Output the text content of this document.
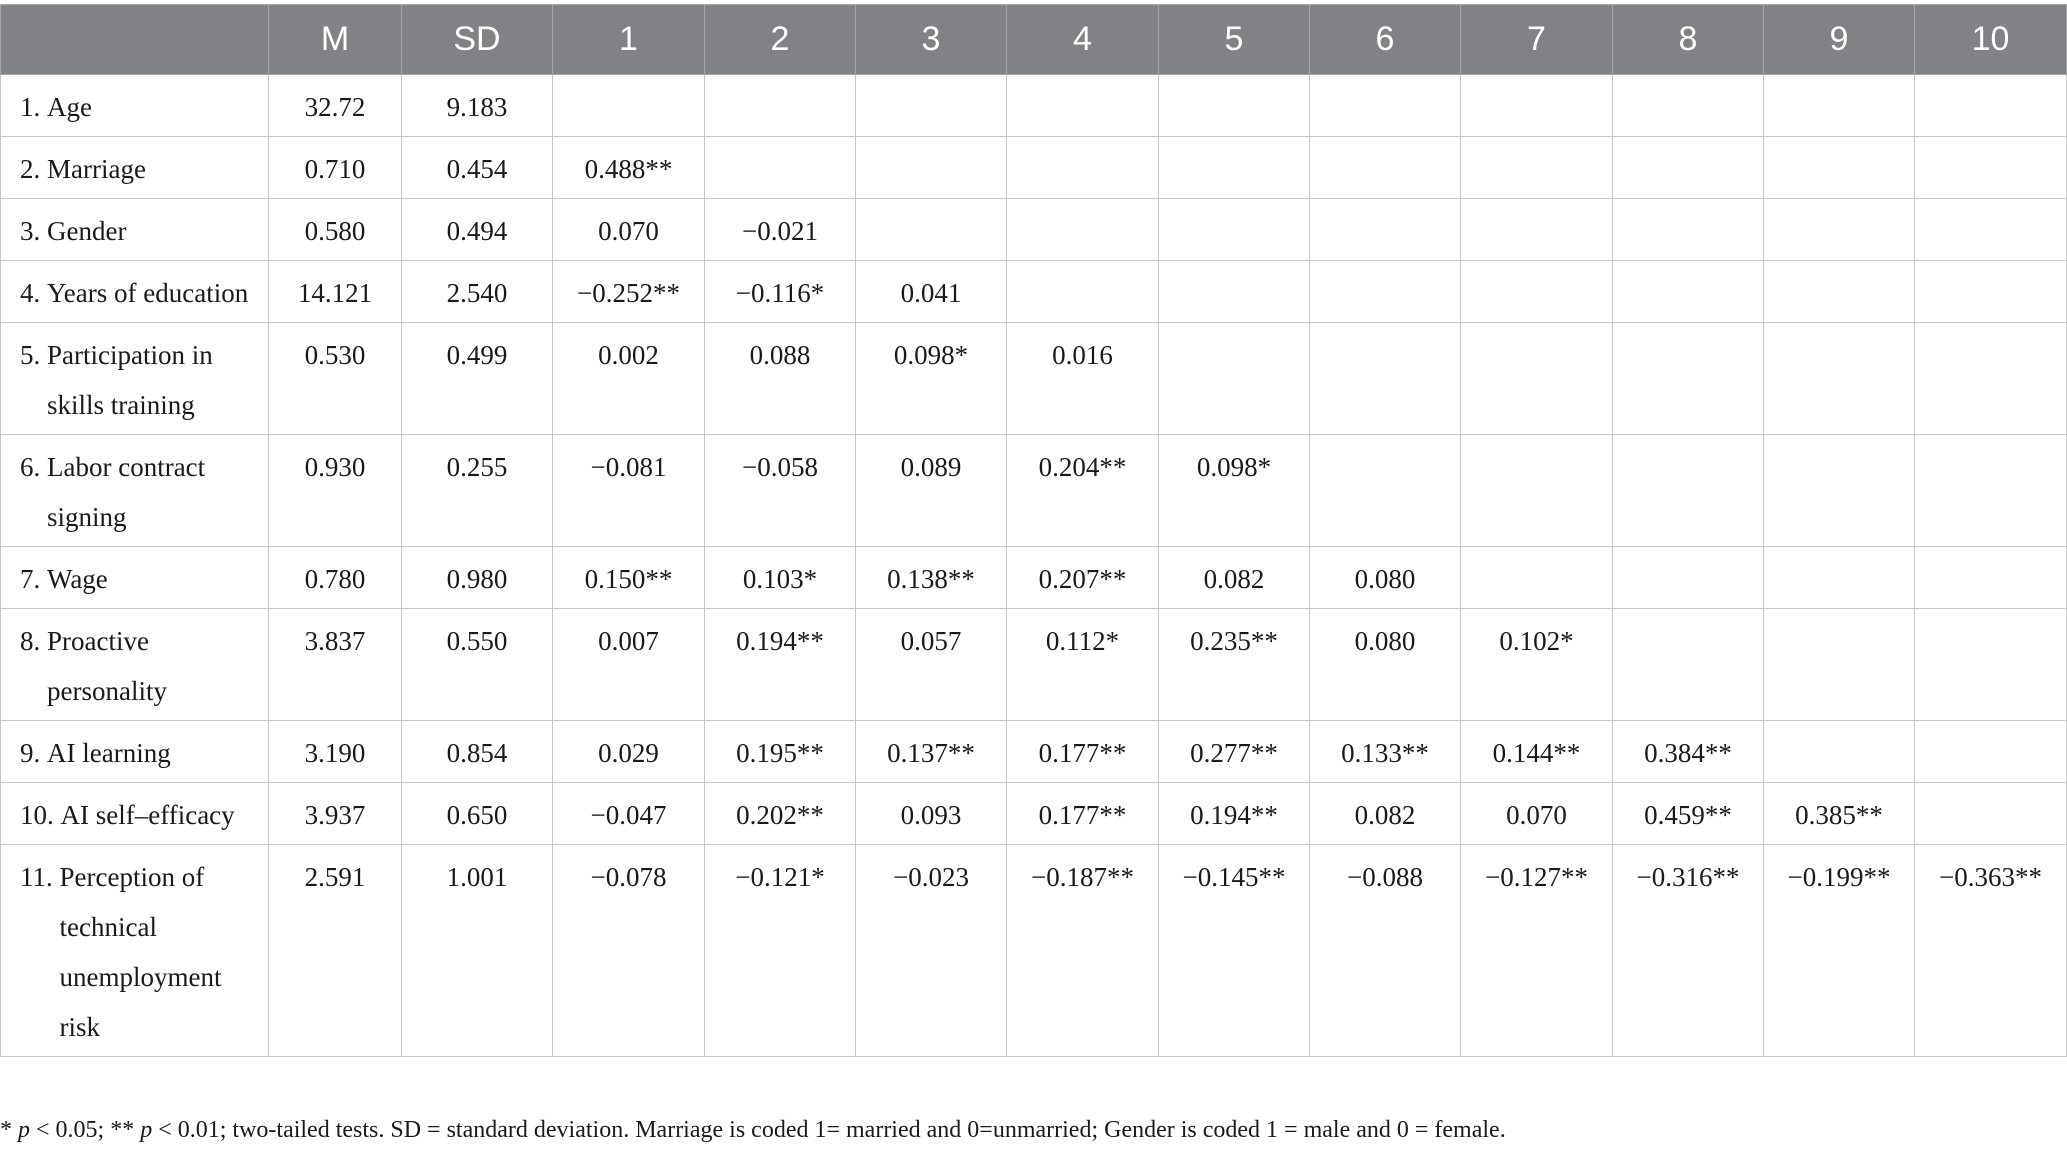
	M	SD	1	2	3	4	5	6	7	8	9	10

1.
Age	32.72	9.183										

2.
Marriage	0.710	0.454	0.488**									

3.
Gender	0.580	0.494	0.070	−0.021								

4.
Years of education	14.121	2.540	−0.252**	−0.116*	0.041							

5.
Participation in skills training	0.530	0.499	0.002	0.088	0.098*	0.016						

6.
Labor contract signing	0.930	0.255	−0.081	−0.058	0.089	0.204**	0.098*					

7.
Wage	0.780	0.980	0.150**	0.103*	0.138**	0.207**	0.082	0.080				

8.
Proactive personality	3.837	0.550	0.007	0.194**	0.057	0.112*	0.235**	0.080	0.102*			

9.
AI learning	3.190	0.854	0.029	0.195**	0.137**	0.177**	0.277**	0.133**	0.144**	0.384**		

10.
AI self–efficacy	3.937	0.650	−0.047	0.202**	0.093	0.177**	0.194**	0.082	0.070	0.459**	0.385**	

11.
Perception of technical unemployment risk	2.591	1.001	−0.078	−0.121*	−0.023	−0.187**	−0.145**	−0.088	−0.127**	−0.316**	−0.199**	−0.363**
* p < 0.05; ** p < 0.01; two-tailed tests. SD = standard deviation. Marriage is coded 1= married and 0=unmarried; Gender is coded 1 = male and 0 = female.
